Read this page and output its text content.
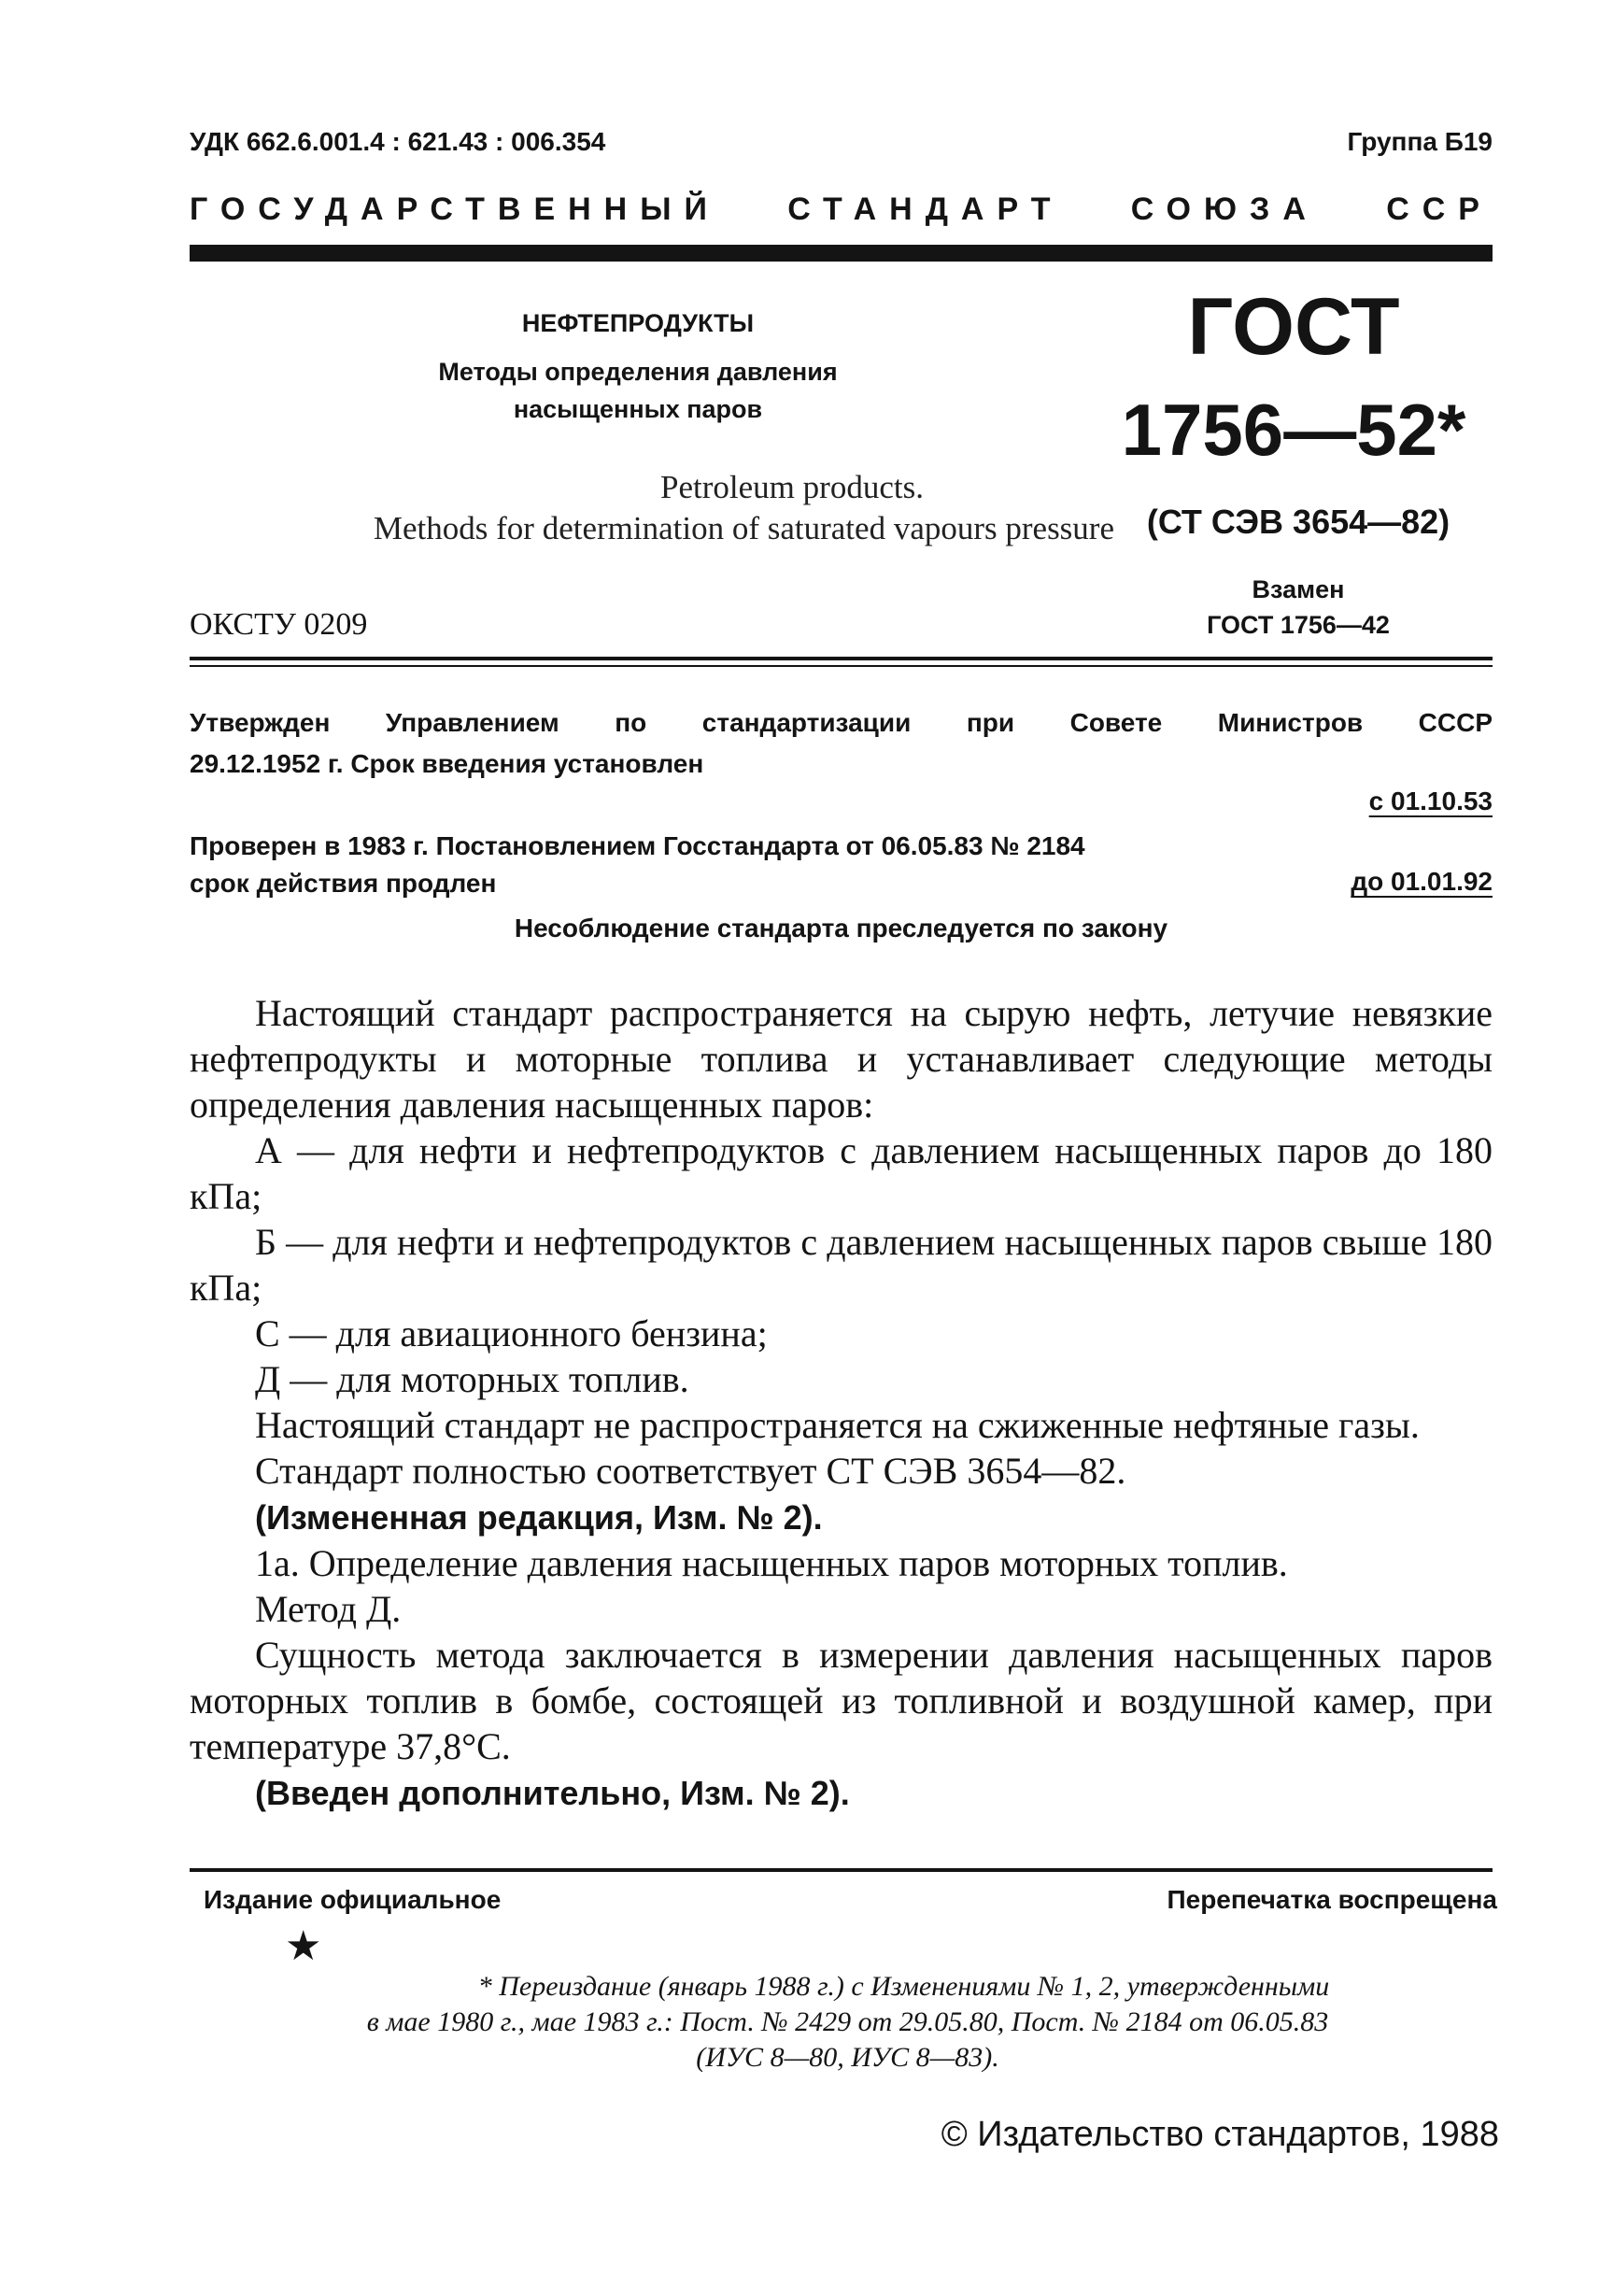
УДК 662.6.001.4 : 621.43 : 006.354	Группа Б19
ГОСУДАРСТВЕННЫЙ СТАНДАРТ СОЮЗА ССР
НЕФТЕПРОДУКТЫ
Методы определения давления
насыщенных паров
ГОСТ
1756—52*
Petroleum products.
Methods for determination of saturated vapours pressure (СТ СЭВ 3654—82)
Взамен
ГОСТ 1756—42
ОКСТУ 0209
Утвержден Управлением по стандартизации при Совете Министров СССР
29.12.1952 г. Срок введения установлен
с 01.10.53
Проверен в 1983 г. Постановлением Госстандарта от 06.05.83 № 2184
срок действия продлен	до 01.01.92
Несоблюдение стандарта преследуется по закону

Настоящий стандарт распространяется на сырую нефть, летучие невязкие нефтепродукты и моторные топлива и устанавливает следующие методы определения давления насыщенных паров:

А — для нефти и нефтепродуктов с давлением насыщенных паров до 180 кПа;

Б — для нефти и нефтепродуктов с давлением насыщенных паров свыше 180 кПа;

С — для авиационного бензина;

Д — для моторных топлив.

Настоящий стандарт не распространяется на сжиженные нефтяные газы.

Стандарт полностью соответствует СТ СЭВ 3654—82.

(Измененная редакция, Изм. № 2).

1а. Определение давления насыщенных паров моторных топлив.

Метод Д.

Сущность метода заключается в измерении давления насыщенных паров моторных топлив в бомбе, состоящей из топливной и воздушной камер, при температуре 37,8°С.

(Введен дополнительно, Изм. № 2).

Издание официальное	Перепечатка воспрещена
★
* Переиздание (январь 1988 г.) с Изменениями № 1, 2, утвержденными
в мае 1980 г., мае 1983 г.: Пост. № 2429 от 29.05.80, Пост. № 2184 от 06.05.83
(ИУС 8—80, ИУС 8—83).
© Издательство стандартов, 1988
